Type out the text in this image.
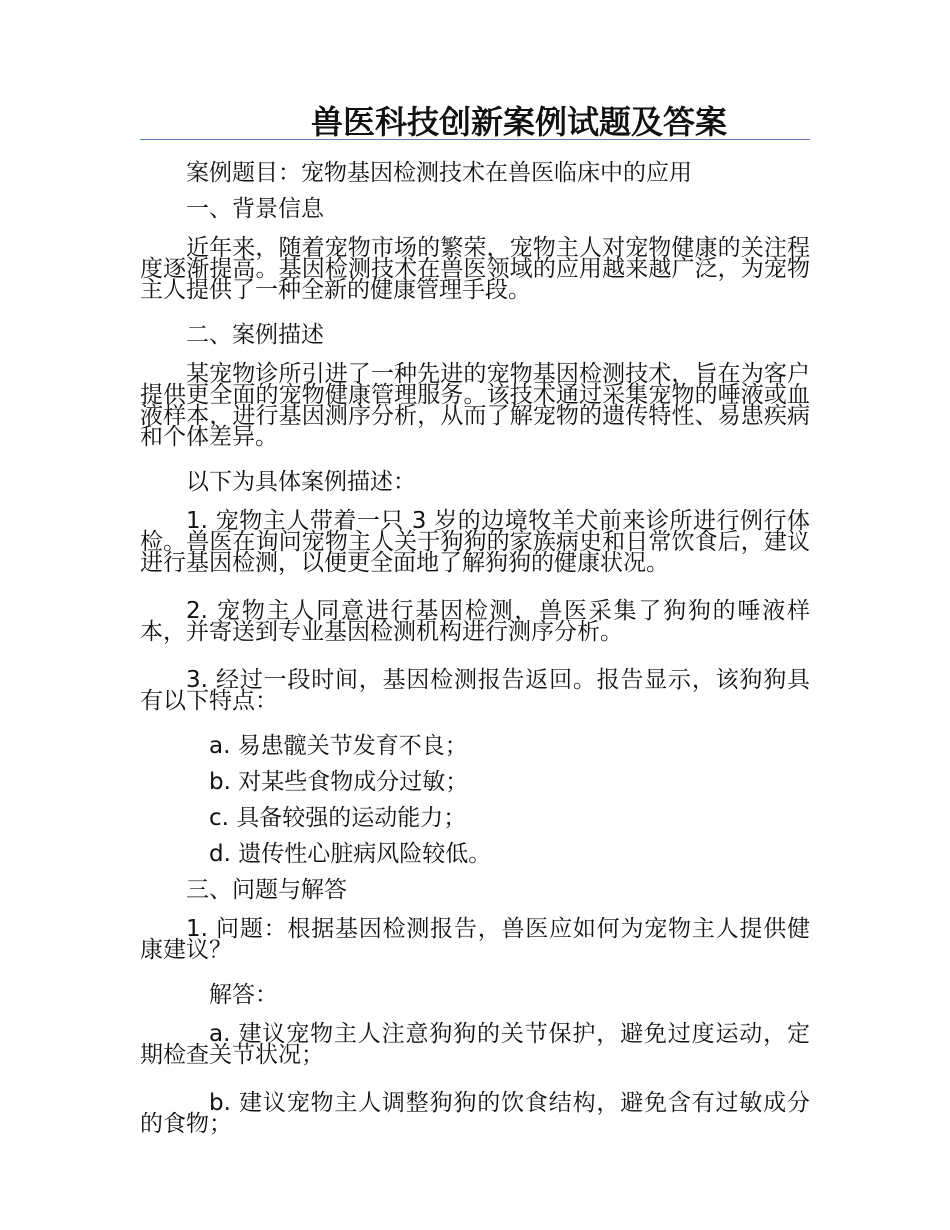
兽医科技创新案例试题及答案

案例题目：宠物基因检测技术在兽医临床中的应用

一、背景信息

近年来，随着宠物市场的繁荣，宠物主人对宠物健康的关注程度逐渐提高。基因检测技术在兽医领域的应用越来越广泛，为宠物主人提供了一种全新的健康管理手段。

二、案例描述

某宠物诊所引进了一种先进的宠物基因检测技术，旨在为客户提供更全面的宠物健康管理服务。该技术通过采集宠物的唾液或血液样本，进行基因测序分析，从而了解宠物的遗传特性、易患疾病和个体差异。

以下为具体案例描述：

1. 宠物主人带着一只 3 岁的边境牧羊犬前来诊所进行例行体检。兽医在询问宠物主人关于狗狗的家族病史和日常饮食后，建议进行基因检测，以便更全面地了解狗狗的健康状况。

2. 宠物主人同意进行基因检测，兽医采集了狗狗的唾液样本，并寄送到专业基因检测机构进行测序分析。

3. 经过一段时间，基因检测报告返回。报告显示，该狗狗具有以下特点：

a. 易患髋关节发育不良；

b. 对某些食物成分过敏；

c. 具备较强的运动能力；

d. 遗传性心脏病风险较低。

三、问题与解答

1. 问题：根据基因检测报告，兽医应如何为宠物主人提供健康建议？

解答：

a. 建议宠物主人注意狗狗的关节保护，避免过度运动，定期检查关节状况；

b. 建议宠物主人调整狗狗的饮食结构，避免含有过敏成分的食物；
